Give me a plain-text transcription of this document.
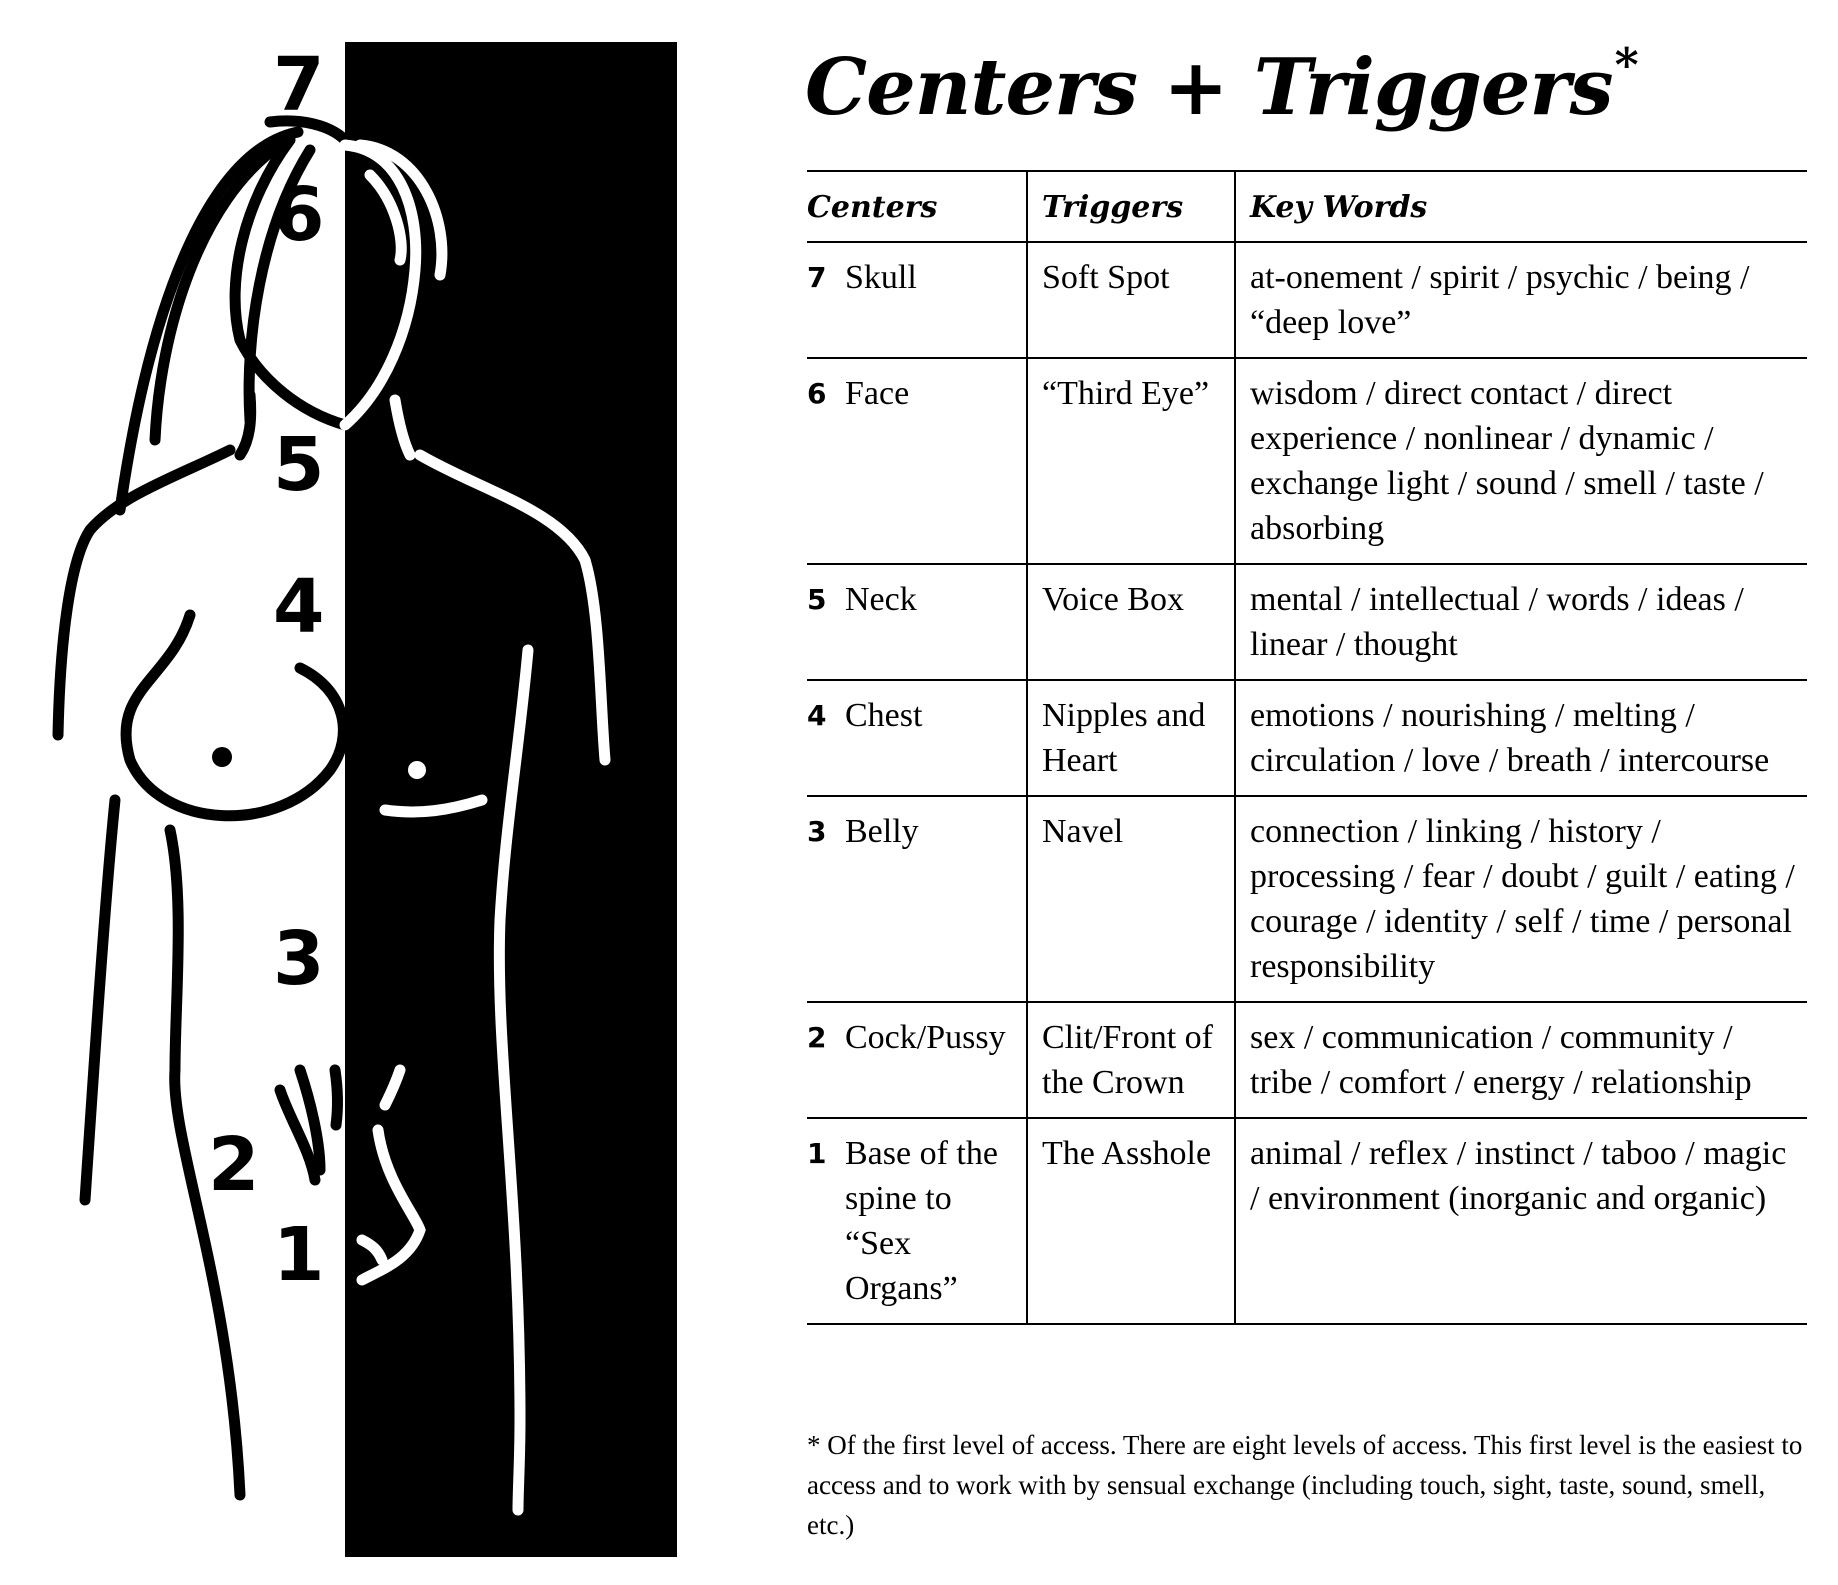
7
6
5
4
3
2
1
Centers + Triggers*
Centers	Triggers	Key Words

7 Skull	Soft Spot	at-onement / spirit / psychic / being / “deep love”

6 Face	“Third Eye”	wisdom / direct contact / direct experience / nonlinear / dynamic / exchange light / sound / smell / taste / absorbing

5 Neck	Voice Box	mental / intellectual / words / ideas / linear / thought

4 Chest	Nipples and Heart	emotions / nourishing / melting / circulation / love / breath / intercourse

3 Belly	Navel	connection / linking / history / processing / fear / doubt / guilt / eating / courage / identity / self / time / personal responsibility

2 Cock/Pussy	Clit/Front of the Crown	sex / communication / community / tribe / comfort / energy / relationship

1 Base of the spine to “Sex Organs”	The Asshole	animal / reflex / instinct / taboo / magic / environment (inorganic and organic)
* Of the first level of access. There are eight levels of access. This first level is the easiest to access and to work with by sensual exchange (including touch, sight, taste, sound, smell, etc.)
